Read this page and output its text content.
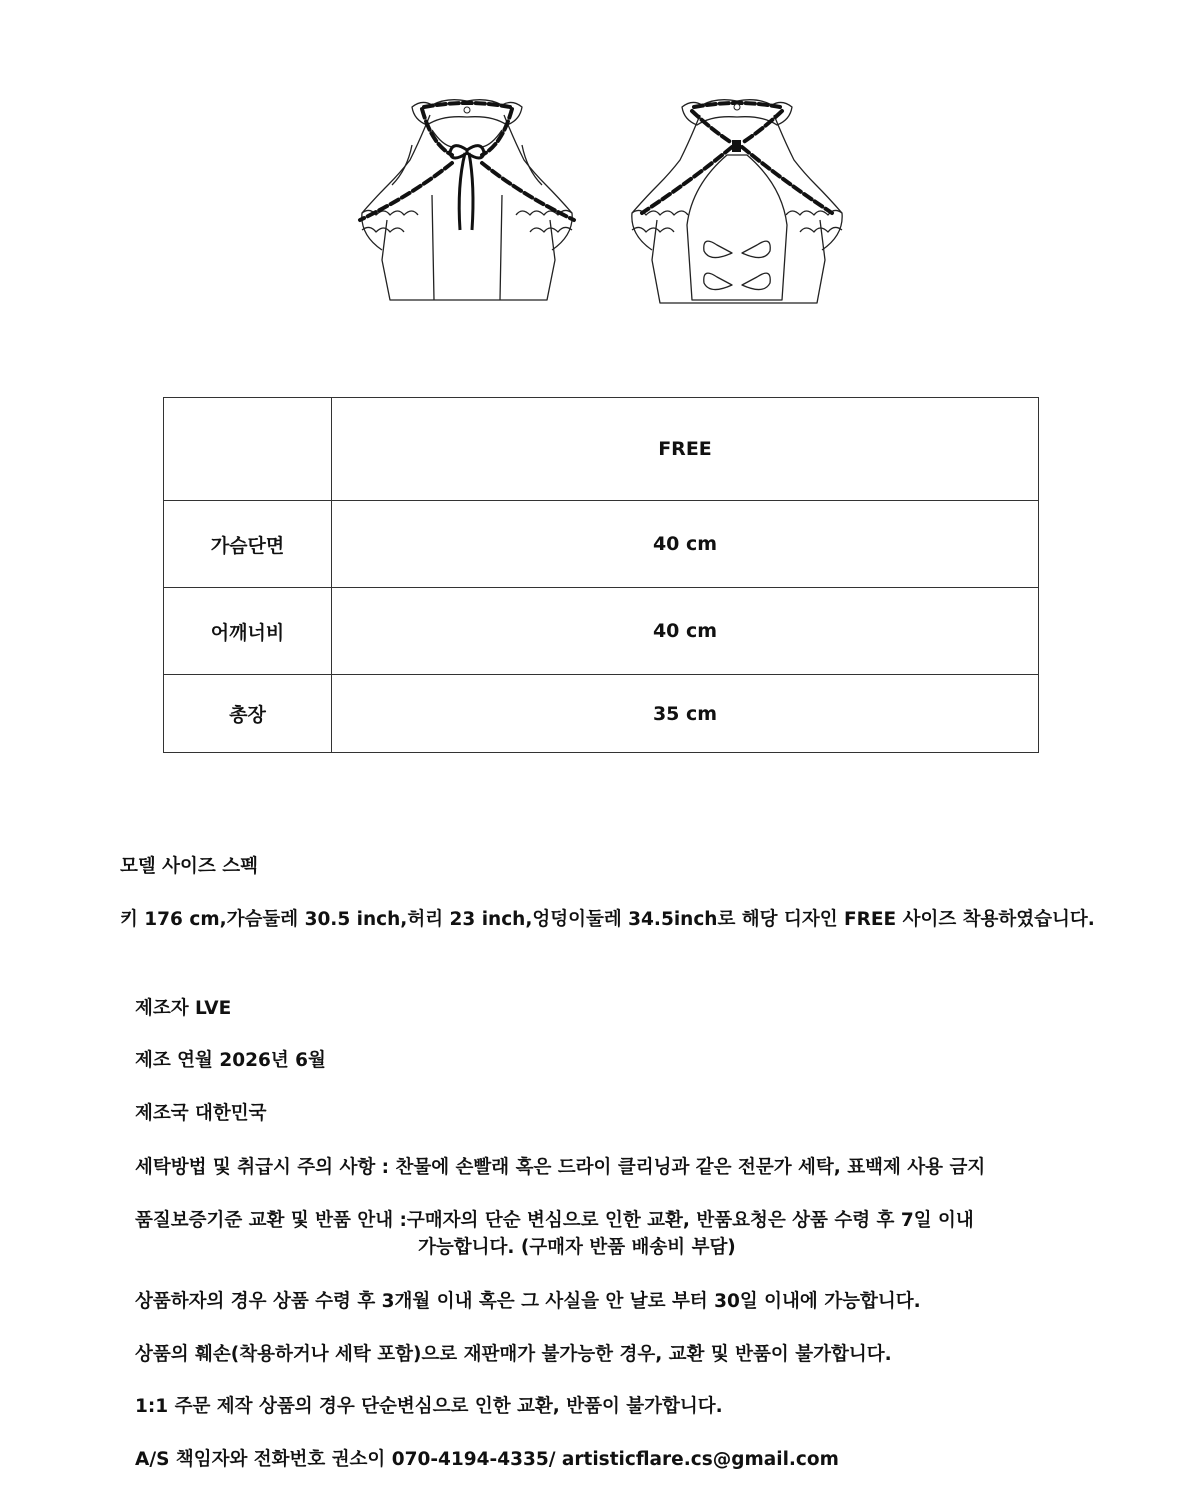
	FREE
가슴단면	40 cm
어깨너비	40 cm
총장	35 cm
모델 사이즈 스펙
키 176 cm,가슴둘레 30.5 inch,허리 23 inch,엉덩이둘레 34.5inch로 해당 디자인 FREE 사이즈 착용하였습니다.
제조자 LVE
제조 연월 2026년 6월
제조국 대한민국
세탁방법 및 취급시 주의 사항 : 찬물에 손빨래 혹은 드라이 클리닝과 같은 전문가 세탁, 표백제 사용 금지
품질보증기준 교환 및 반품 안내 :구매자의 단순 변심으로 인한 교환, 반품요청은 상품 수령 후 7일 이내
가능합니다. (구매자 반품 배송비 부담)
상품하자의 경우 상품 수령 후 3개월 이내 혹은 그 사실을 안 날로 부터 30일 이내에 가능합니다.
상품의 훼손(착용하거나 세탁 포함)으로 재판매가 불가능한 경우, 교환 및 반품이 불가합니다.
1:1 주문 제작 상품의 경우 단순변심으로 인한 교환, 반품이 불가합니다.
A/S 책임자와 전화번호 권소이 070-4194-4335/ artisticflare.cs@gmail.com
